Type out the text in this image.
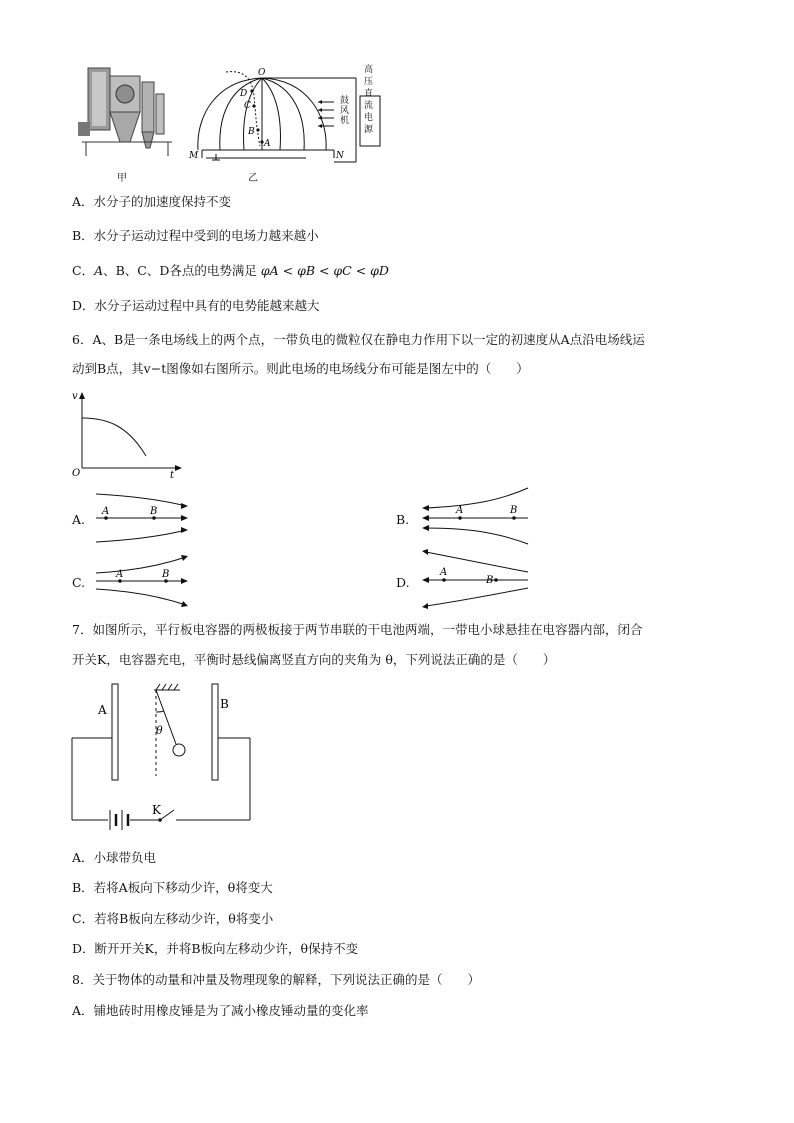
甲
O
D
C
B
A
M	N
鼓风机
高压直流电源
乙
A．水分子的加速度保持不变
B．水分子运动过程中受到的电场力越来越小
C．A、B、C、D各点的电势满足 φA < φB < φC < φD
D．水分子运动过程中具有的电势能越来越大
6．A、B是一条电场线上的两个点，一带负电的微粒仅在静电力作用下以一定的初速度从A点沿电场线运
动到B点，其v−t图像如右图所示。则此电场的电场线分布可能是图左中的（　　）
v
O	t
A.
A	B
B.
A	B
C.
A	B
D.
A
B
7．如图所示，平行板电容器的两极板接于两节串联的干电池两端，一带电小球悬挂在电容器内部，闭合
开关K，电容器充电，平衡时悬线偏离竖直方向的夹角为 θ，下列说法正确的是（　　）
A	B
θ
K
A．小球带负电
B．若将A板向下移动少许，θ将变大
C．若将B板向左移动少许，θ将变小
D．断开开关K，并将B板向左移动少许，θ保持不变
8．关于物体的动量和冲量及物理现象的解释，下列说法正确的是（　　）
A．铺地砖时用橡皮锤是为了减小橡皮锤动量的变化率
